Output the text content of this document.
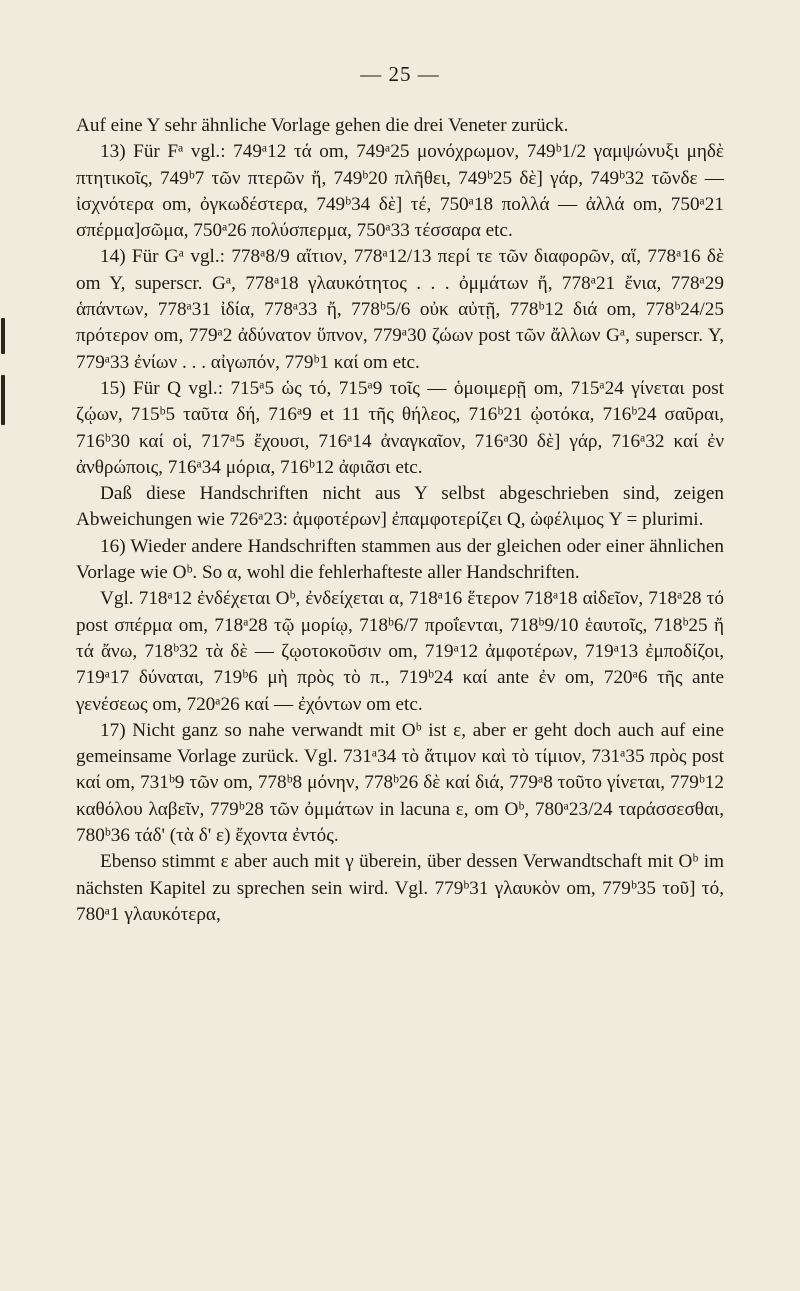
— 25 —

Auf eine Y sehr ähnliche Vorlage gehen die drei Veneter zurück.

13) Für Fᵃ vgl.: 749ᵃ12 τά om, 749ᵃ25 μονόχρωμον, 749ᵇ1/2 γαμψώνυξι μηδὲ πτητικοῖς, 749ᵇ7 τῶν πτερῶν ἤ, 749ᵇ20 πλῆθει, 749ᵇ25 δὲ] γάρ, 749ᵇ32 τῶνδε — ἰσχνότερα om, ὀγκωδέστερα, 749ᵇ34 δὲ] τέ, 750ᵃ18 πολλά — ἀλλά om, 750ᵃ21 σπέρμα]σῶμα, 750ᵃ26 πολύσπερμα, 750ᵃ33 τέσσαρα etc.

14) Für Gᵃ vgl.: 778ᵃ8/9 αἴτιον, 778ᵃ12/13 περί τε τῶν διαφορῶν, αἵ, 778ᵃ16 δὲ om Y, superscr. Gᵃ, 778ᵃ18 γλαυκότητος . . . ὀμμάτων ἤ, 778ᵃ21 ἔνια, 778ᵃ29 ἁπάντων, 778ᵃ31 ἰδία, 778ᵃ33 ἤ, 778ᵇ5/6 οὐκ αὐτῇ, 778ᵇ12 διά om, 778ᵇ24/25 πρότερον om, 779ᵃ2 ἀδύνατον ὕπνον, 779ᵃ30 ζώων post τῶν ἄλλων Gᵃ, superscr. Y, 779ᵃ33 ἐνίων . . . αἰγωπόν, 779ᵇ1 καί om etc.

15) Für Q vgl.: 715ᵃ5 ὡς τό, 715ᵃ9 τοῖς — ὁμοιμερῇ om, 715ᵃ24 γίνεται post ζῴων, 715ᵇ5 ταῦτα δή, 716ᵃ9 et 11 τῆς θήλεος, 716ᵇ21 ᾠοτόκα, 716ᵇ24 σαῦραι, 716ᵇ30 καί οἱ, 717ᵃ5 ἔχουσι, 716ᵃ14 ἀναγκαῖον, 716ᵃ30 δὲ] γάρ, 716ᵃ32 καί ἐν ἀνθρώποις, 716ᵃ34 μόρια, 716ᵇ12 ἀφιᾶσι etc.

Daß diese Handschriften nicht aus Y selbst abgeschrieben sind, zeigen Abweichungen wie 726ᵃ23: ἀμφοτέρων] ἐπαμφοτερίζει Q, ὠφέλιμος Y = plurimi.

16) Wieder andere Handschriften stammen aus der gleichen oder einer ähnlichen Vorlage wie Oᵇ. So α, wohl die fehlerhafteste aller Handschriften.

Vgl. 718ᵃ12 ἐνδέχεται Oᵇ, ἐνδείχεται α, 718ᵃ16 ἕτερον 718ᵃ18 αἰδεῖον, 718ᵃ28 τό post σπέρμα om, 718ᵃ28 τῷ μορίῳ, 718ᵇ6/7 προΐενται, 718ᵇ9/10 ἑαυτοῖς, 718ᵇ25 ἤ τά ἄνω, 718ᵇ32 τὰ δὲ — ζῳοτοκοῦσιν om, 719ᵃ12 ἀμφοτέρων, 719ᵃ13 ἐμποδίζοι, 719ᵃ17 δύναται, 719ᵇ6 μὴ πρὸς τὸ π., 719ᵇ24 καί ante ἐν om, 720ᵃ6 τῆς ante γενέσεως om, 720ᵃ26 καί — ἐχόντων om etc.

17) Nicht ganz so nahe verwandt mit Oᵇ ist ε, aber er geht doch auch auf eine gemeinsame Vorlage zurück. Vgl. 731ᵃ34 τὸ ἄτιμον καὶ τὸ τίμιον, 731ᵃ35 πρὸς post καί om, 731ᵇ9 τῶν om, 778ᵇ8 μόνην, 778ᵇ26 δὲ καί διά, 779ᵃ8 τοῦτο γίνεται, 779ᵇ12 καθόλου λαβεῖν, 779ᵇ28 τῶν ὀμμάτων in lacuna ε, om Oᵇ, 780ᵃ23/24 ταράσσεσθαι, 780ᵇ36 τάδ' (τὰ δ' ε) ἔχοντα ἐντός.

Ebenso stimmt ε aber auch mit γ überein, über dessen Verwandtschaft mit Oᵇ im nächsten Kapitel zu sprechen sein wird. Vgl. 779ᵇ31 γλαυκὸν om, 779ᵇ35 τοῦ] τό, 780ᵃ1 γλαυκότερα,
